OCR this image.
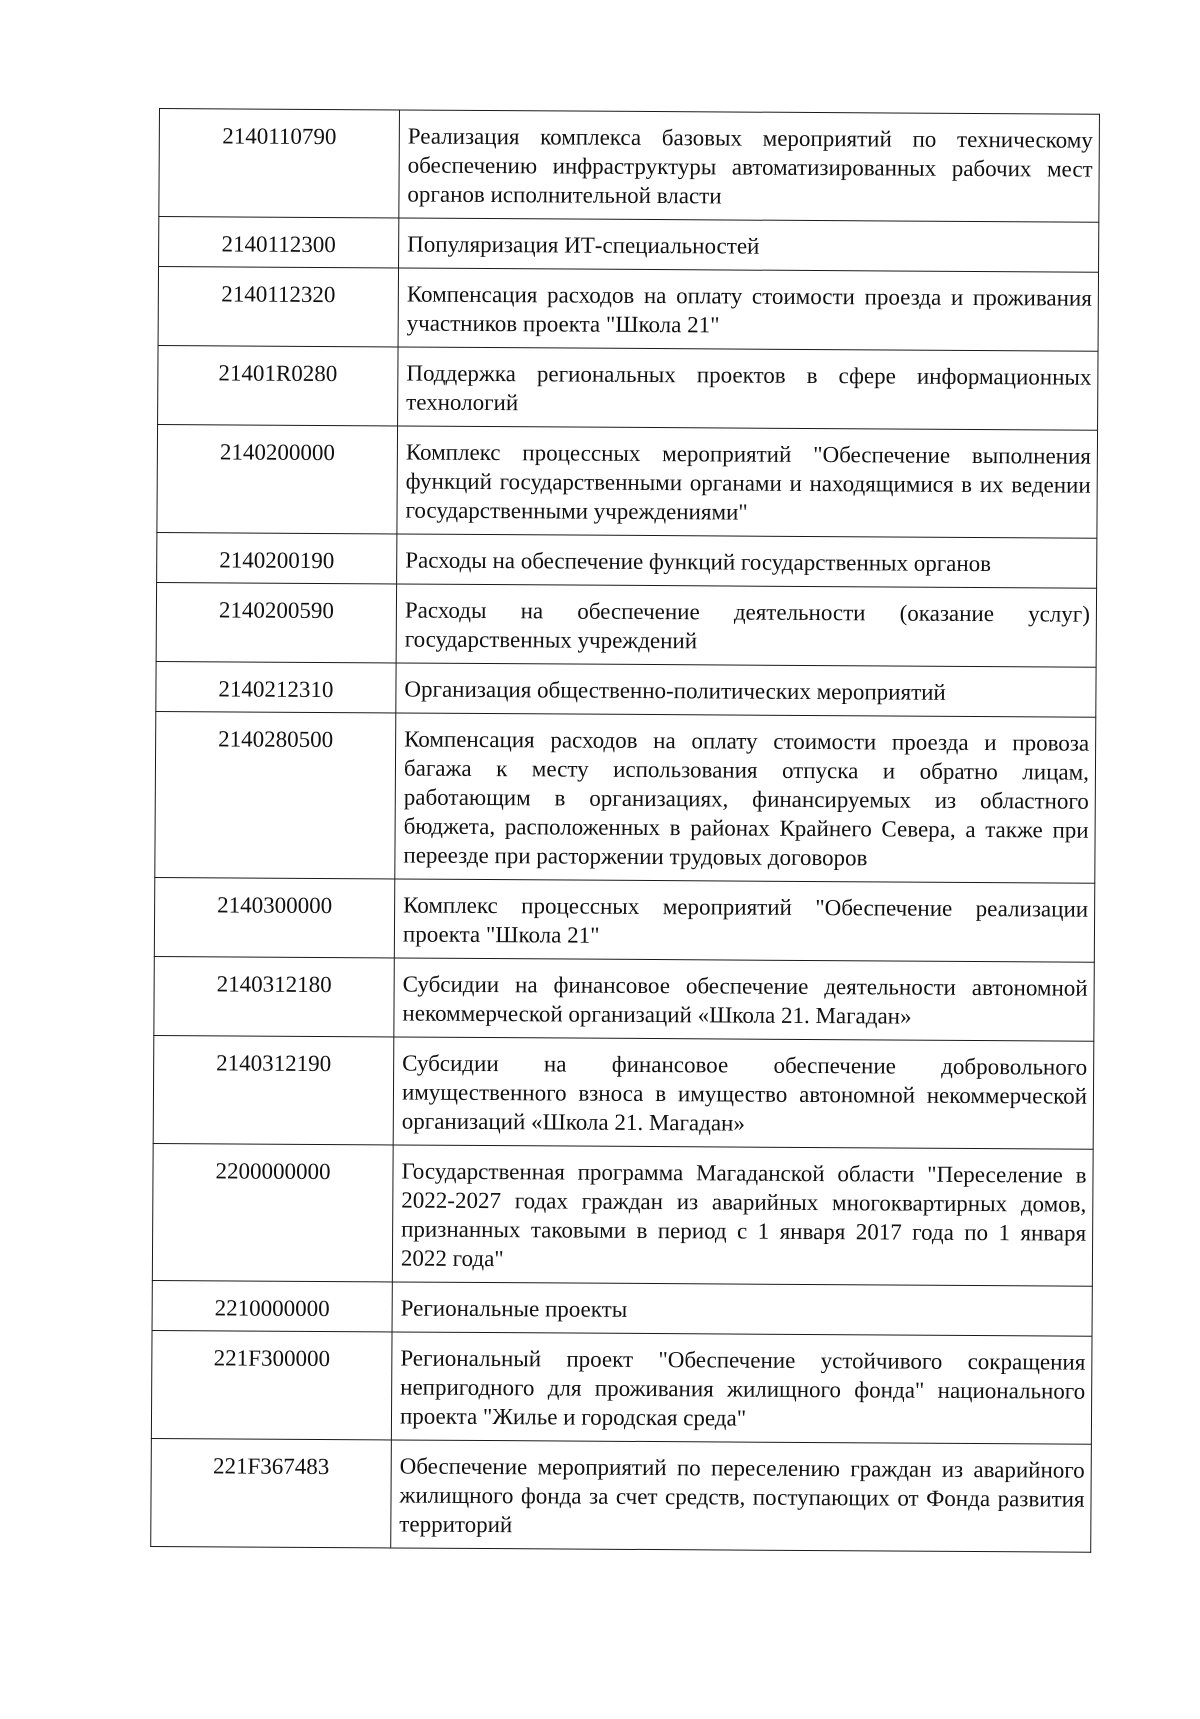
2140110790	Реализация комплекса базовых мероприятий по техническому обеспечению инфраструктуры автоматизированных рабочих мест органов исполнительной власти
2140112300	Популяризация ИТ-специальностей
2140112320	Компенсация расходов на оплату стоимости проезда и проживания участников проекта "Школа 21"
21401R0280	Поддержка региональных проектов в сфере информационных технологий
2140200000	Комплекс процессных мероприятий "Обеспечение выполнения функций государственными органами и находящимися в их ведении государственными учреждениями"
2140200190	Расходы на обеспечение функций государственных органов
2140200590	Расходы на обеспечение деятельности (оказание услуг) государственных учреждений
2140212310	Организация общественно-политических мероприятий
2140280500	Компенсация расходов на оплату стоимости проезда и провоза багажа к месту использования отпуска и обратно лицам, работающим в организациях, финансируемых из областного бюджета, расположенных в районах Крайнего Севера, а также при переезде при расторжении трудовых договоров
2140300000	Комплекс процессных мероприятий "Обеспечение реализации проекта "Школа 21"
2140312180	Субсидии на финансовое обеспечение деятельности автономной некоммерческой организаций «Школа 21. Магадан»
2140312190	Субсидии на финансовое обеспечение добровольного имущественного взноса в имущество автономной некоммерческой организаций «Школа 21. Магадан»
2200000000	Государственная программа Магаданской области "Переселение в 2022-2027 годах граждан из аварийных многоквартирных домов, признанных таковыми в период с 1 января 2017 года по 1 января 2022 года"
2210000000	Региональные проекты
221F300000	Региональный проект "Обеспечение устойчивого сокращения непригодного для проживания жилищного фонда" национального проекта "Жилье и городская среда"
221F367483	Обеспечение мероприятий по переселению граждан из аварийного жилищного фонда за счет средств, поступающих от Фонда развития территорий
